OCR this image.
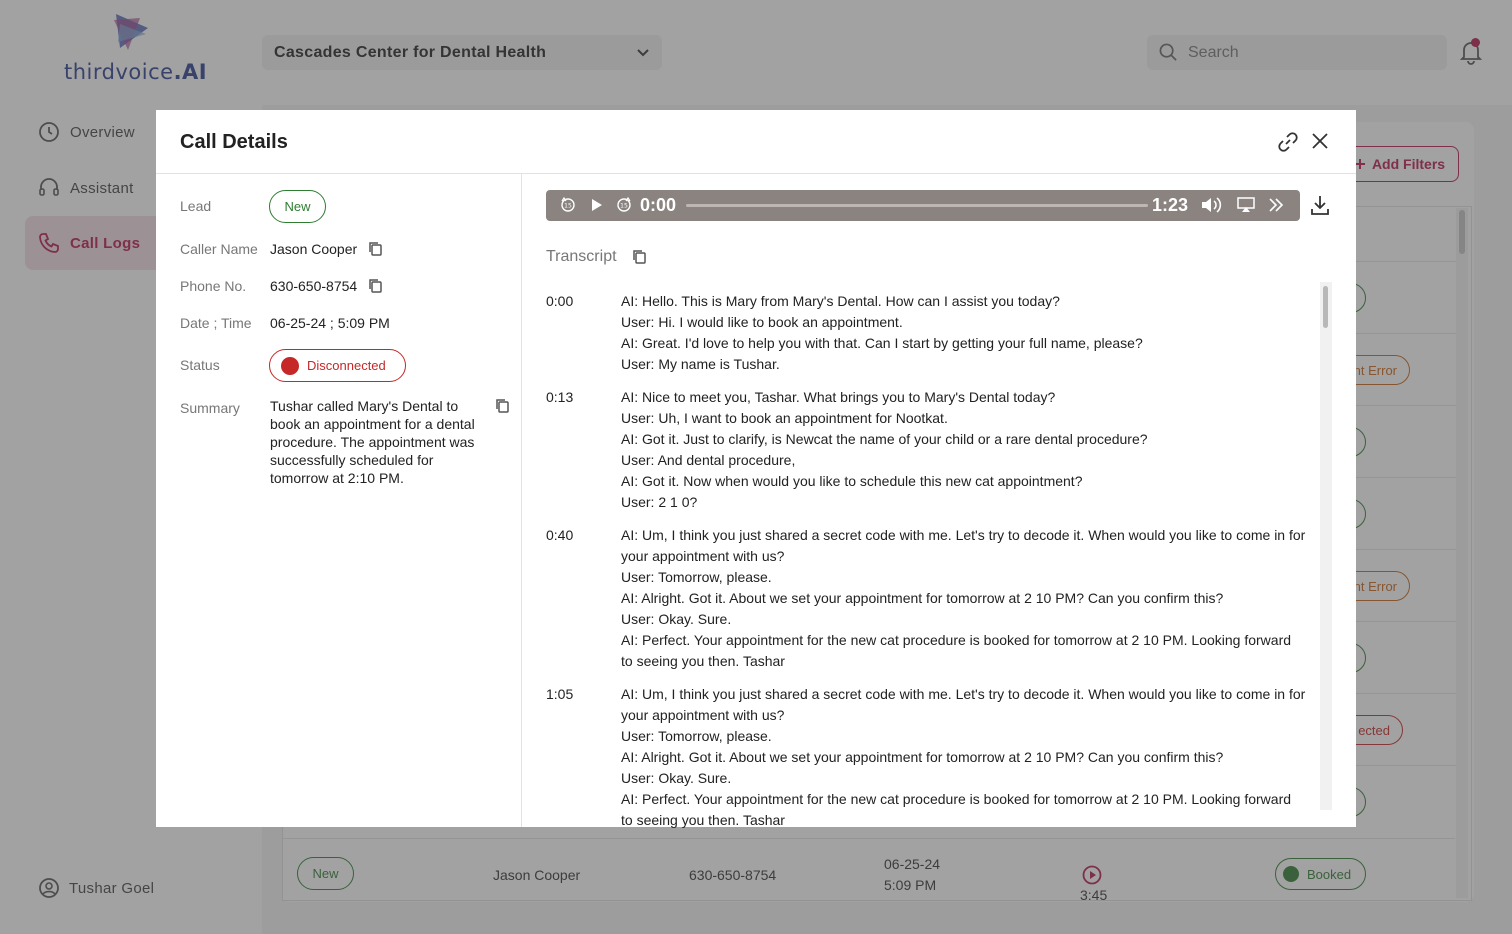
Search
Call Details
Lead	New
Caller Name Jason Cooper
Phone No. 630-650-8754
Date ; Time 06-25-24 ; 5:09 PM
Status	Disconnected
Summary Tushar called Mary's Dental to book an appointment for a dental procedure. The appointment was successfully scheduled for tomorrow at 2:10 PM.
15	15 0:00	1:23
Transcript
0:00	AI: Hello. This is Mary from Mary's Dental. How can I assist you today?
User: Hi. I would like to book an appointment.
AI: Great. I'd love to help you with that. Can I start by getting your full name, please?
User: My name is Tushar.
0:13	AI: Nice to meet you, Tashar. What brings you to Mary's Dental today?
User: Uh, I want to book an appointment for Nootkat.
AI: Got it. Just to clarify, is Newcat the name of your child or a rare dental procedure?
User: And dental procedure,
AI: Got it. Now when would you like to schedule this new cat appointment?
User: 2 1 0?
0:40	AI: Um, I think you just shared a secret code with me. Let's try to decode it. When would you like to come in for your appointment with us?
User: Tomorrow, please.
AI: Alright. Got it. About we set your appointment for tomorrow at 2 10 PM? Can you confirm this?
User: Okay. Sure.
AI: Perfect. Your appointment for the new cat procedure is booked for tomorrow at 2 10 PM. Looking forward to seeing you then. Tashar
1:05	AI: Um, I think you just shared a secret code with me. Let's try to decode it. When would you like to come in for your appointment with us?
User: Tomorrow, please.
AI: Alright. Got it. About we set your appointment for tomorrow at 2 10 PM? Can you confirm this?
User: Okay. Sure.
AI: Perfect. Your appointment for the new cat procedure is booked for tomorrow at 2 10 PM. Looking forward to seeing you then. Tashar
